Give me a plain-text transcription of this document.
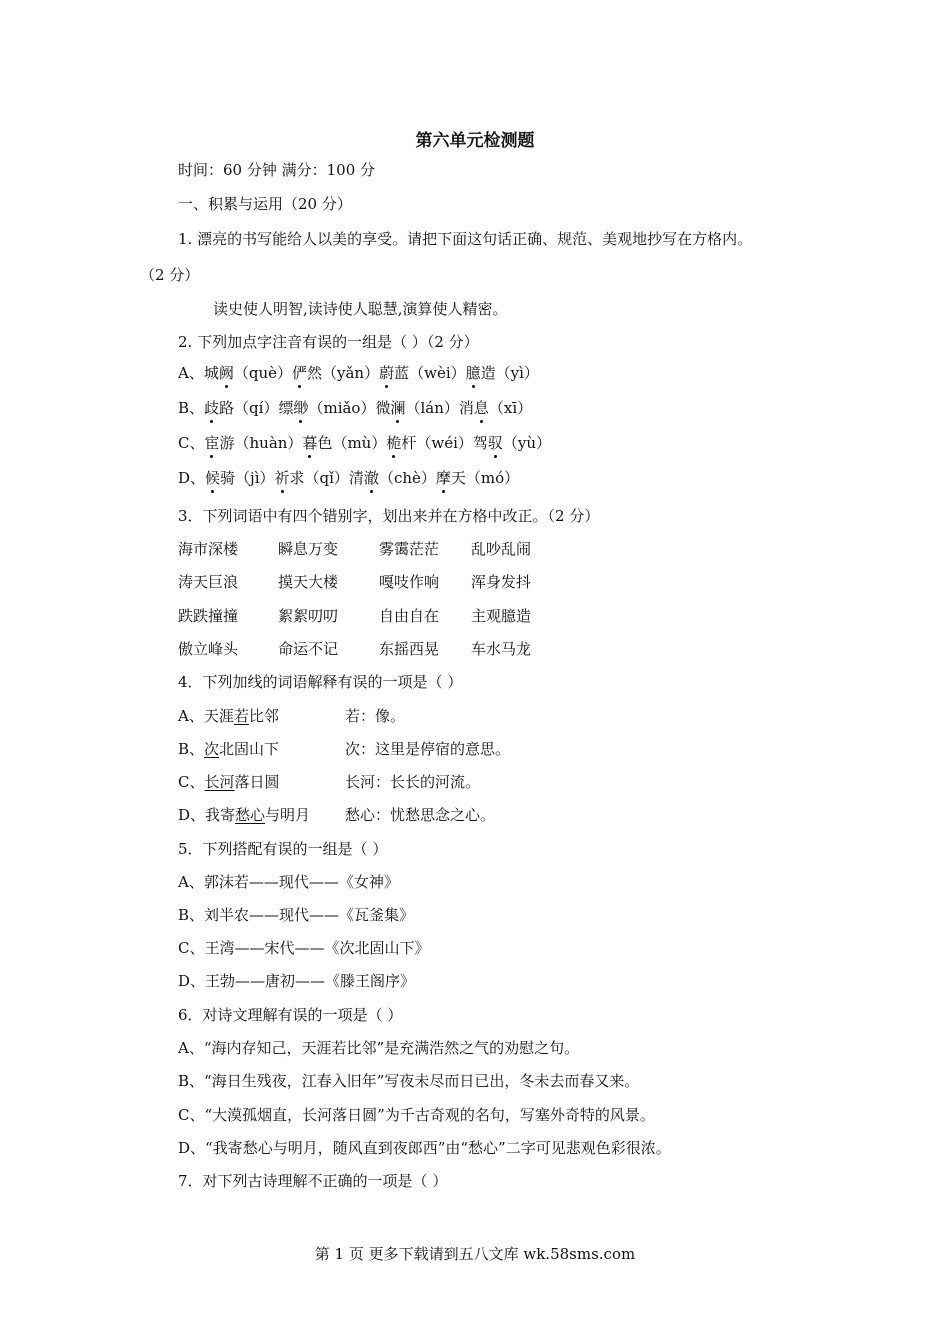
第六单元检测题
时间：60 分钟 满分：100 分
一、积累与运用（20 分）
1. 漂亮的书写能给人以美的享受。请把下面这句话正确、规范、美观地抄写在方格内。
（2 分）
读史使人明智,读诗使人聪慧,演算使人精密。
2. 下列加点字注音有误的一组是（ ）（2 分）
A、城阙（què）俨然（yǎn）蔚蓝（wèi）臆造（yì）
B、歧路（qí）缥缈（miǎo）微澜（lán）消息（xī）
C、宦游（huàn）暮色（mù）桅杆（wéi）驾驭（yù）
D、候骑（jì）祈求（qǐ）清澈（chè）摩天（mó）
3．下列词语中有四个错别字，划出来并在方格中改正。（2 分）
海市深楼	瞬息万变	雾霭茫茫 乱吵乱闹
涛天巨浪	摸天大楼	嘎吱作响 浑身发抖
跌跌撞撞	絮絮叨叨	自由自在 主观臆造
傲立峰头	命运不记	东摇西晃 车水马龙
4．下列加线的词语解释有误的一项是（ ）
A、天涯若比邻	若：像。
B、次北固山下	次：这里是停宿的意思。
C、长河落日圆	长河：长长的河流。
D、我寄愁心与明月 愁心：忧愁思念之心。
5．下列搭配有误的一组是（ ）
A、郭沫若——现代——《女神》
B、刘半农——现代——《瓦釜集》
C、王湾——宋代——《次北固山下》
D、王勃——唐初——《滕王阁序》
6．对诗文理解有误的一项是（ ）
A、“海内存知己，天涯若比邻”是充满浩然之气的劝慰之句。
B、“海日生残夜，江春入旧年”写夜未尽而日已出，冬未去而春又来。
C、“大漠孤烟直，长河落日圆”为千古奇观的名句，写塞外奇特的风景。
D、“我寄愁心与明月，随风直到夜郎西”由“愁心”二字可见悲观色彩很浓。
7．对下列古诗理解不正确的一项是（ ）
第 1 页 更多下载请到五八文库 wk.58sms.com
